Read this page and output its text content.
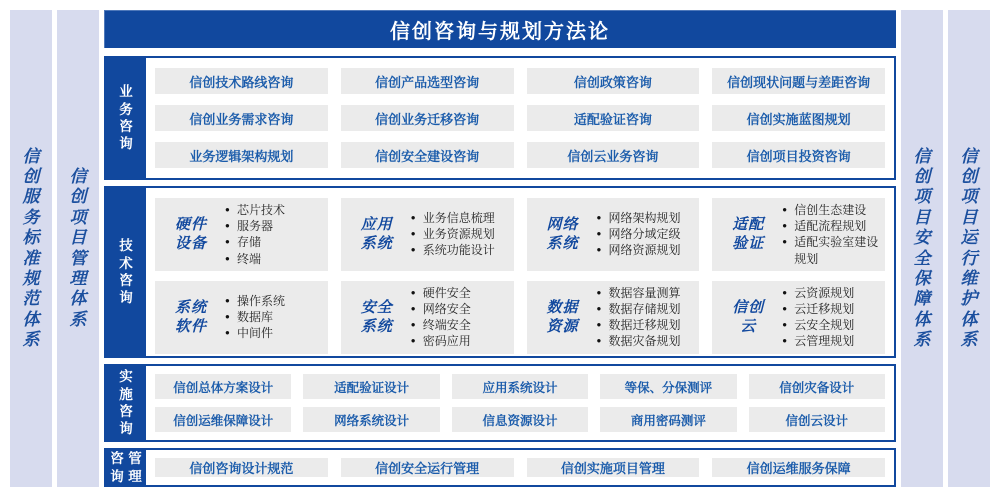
信创服务标准规范体系
信创项目管理体系
信创咨询与规划方法论
业务咨询
信创技术路线咨询	信创产品选型咨询	信创政策咨询	信创现状问题与差距咨询
信创业务需求咨询	信创业务迁移咨询	适配验证咨询	信创实施蓝图规划
业务逻辑架构规划	信创安全建设咨询	信创云业务咨询	信创项目投资咨询
技术咨询
硬件
设备
● 芯片技术
● 服务器
● 存储
● 终端
应用
系统
● 业务信息梳理
● 业务资源规划
● 系统功能设计
网络
系统
● 网络架构规划
● 网络分域定级
● 网络资源规划
适配
验证
● 信创生态建设
● 适配流程规划
● 适配实验室建设规划
系统
软件
● 操作系统
● 数据库
● 中间件
安全
系统
● 硬件安全
● 网络安全
● 终端安全
● 密码应用
数据
资源
● 数据容量测算
● 数据存储规划
● 数据迁移规划
● 数据灾备规划
信创
云
● 云资源规划
● 云迁移规划
● 云安全规划
● 云管理规划
实施咨询
信创总体方案设计	适配验证设计	应用系统设计	等保、分保测评	信创灾备设计
信创运维保障设计	网络系统设计	信息资源设计	商用密码测评	信创云设计
咨询
管理	信创咨询设计规范	信创安全运行管理	信创实施项目管理	信创运维服务保障
信创项目安全保障体系
信创项目运行维护体系
